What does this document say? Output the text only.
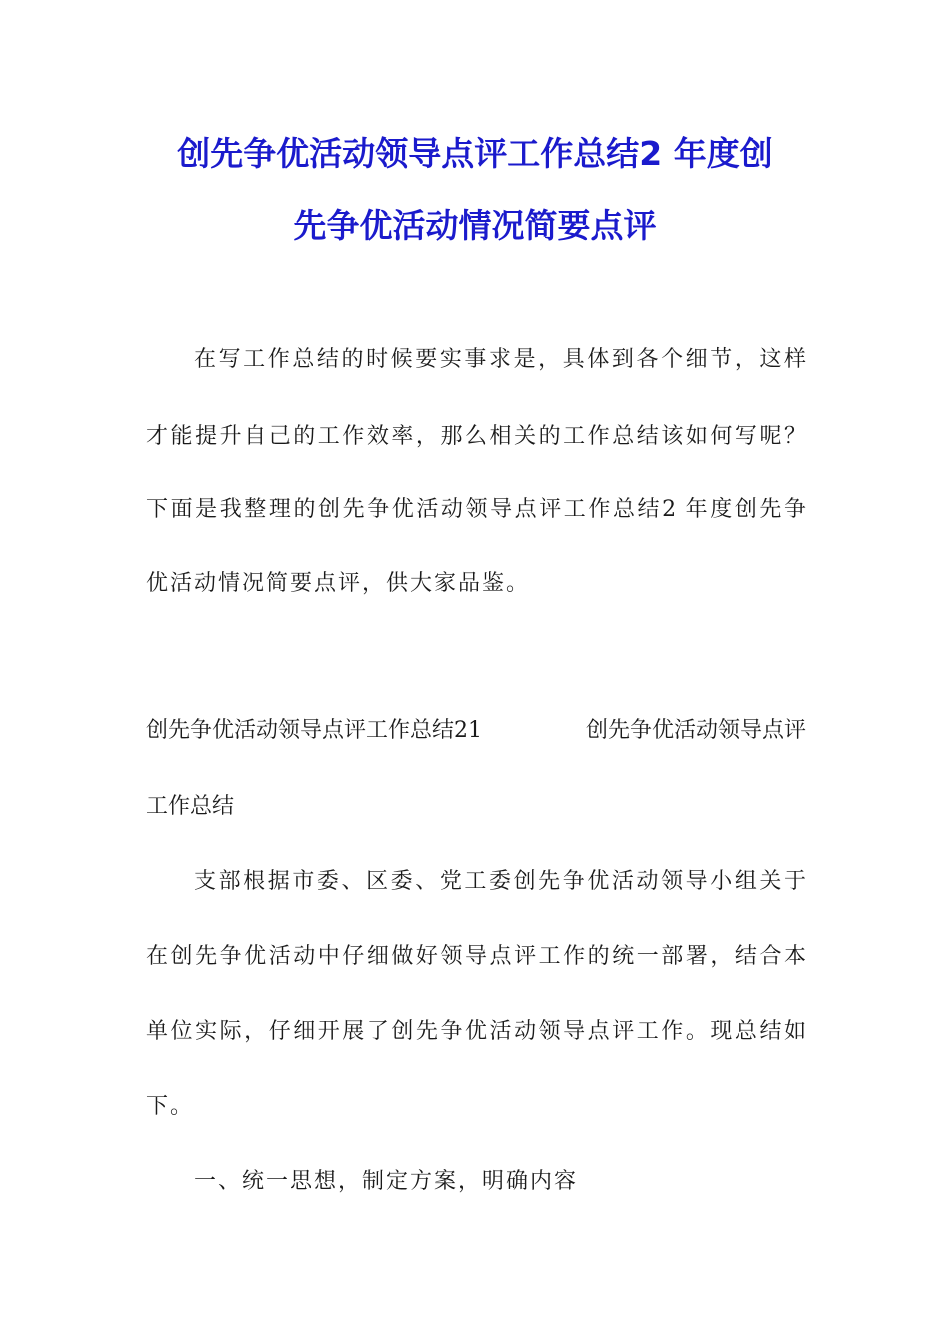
创先争优活动领导点评工作总结2 年度创
先争优活动情况简要点评
在写工作总结的时候要实事求是，具体到各个细节，这样
才能提升自己的工作效率，那么相关的工作总结该如何写呢？
下面是我整理的创先争优活动领导点评工作总结2 年度创先争
优活动情况简要点评，供大家品鉴。
创先争优活动领导点评工作总结21	创先争优活动领导点评
工作总结
支部根据市委、区委、党工委创先争优活动领导小组关于
在创先争优活动中仔细做好领导点评工作的统一部署，结合本
单位实际，仔细开展了创先争优活动领导点评工作。现总结如
下。
一、统一思想，制定方案，明确内容
